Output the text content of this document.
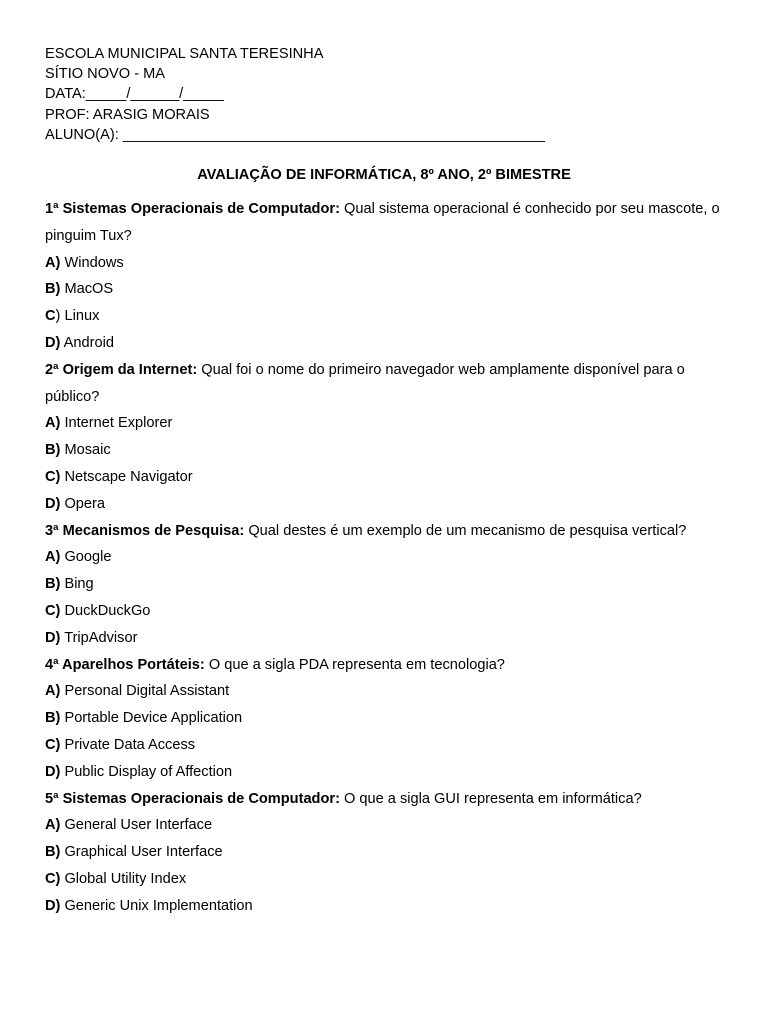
ESCOLA MUNICIPAL SANTA TERESINHA
SÍTIO NOVO - MA
DATA:_____/______/_____
PROF: ARASIG MORAIS
ALUNO(A): ____________________________________________________
AVALIAÇÃO DE INFORMÁTICA, 8º ANO, 2º BIMESTRE
1ª Sistemas Operacionais de Computador: Qual sistema operacional é conhecido por seu mascote, o pinguim Tux?
A) Windows
B) MacOS
C) Linux
D) Android
2ª Origem da Internet: Qual foi o nome do primeiro navegador web amplamente disponível para o público?
A) Internet Explorer
B) Mosaic
C) Netscape Navigator
D) Opera
3ª Mecanismos de Pesquisa: Qual destes é um exemplo de um mecanismo de pesquisa vertical?
A) Google
B) Bing
C) DuckDuckGo
D) TripAdvisor
4ª Aparelhos Portáteis: O que a sigla PDA representa em tecnologia?
A) Personal Digital Assistant
B) Portable Device Application
C) Private Data Access
D) Public Display of Affection
5ª Sistemas Operacionais de Computador: O que a sigla GUI representa em informática?
A) General User Interface
B) Graphical User Interface
C) Global Utility Index
D) Generic Unix Implementation
